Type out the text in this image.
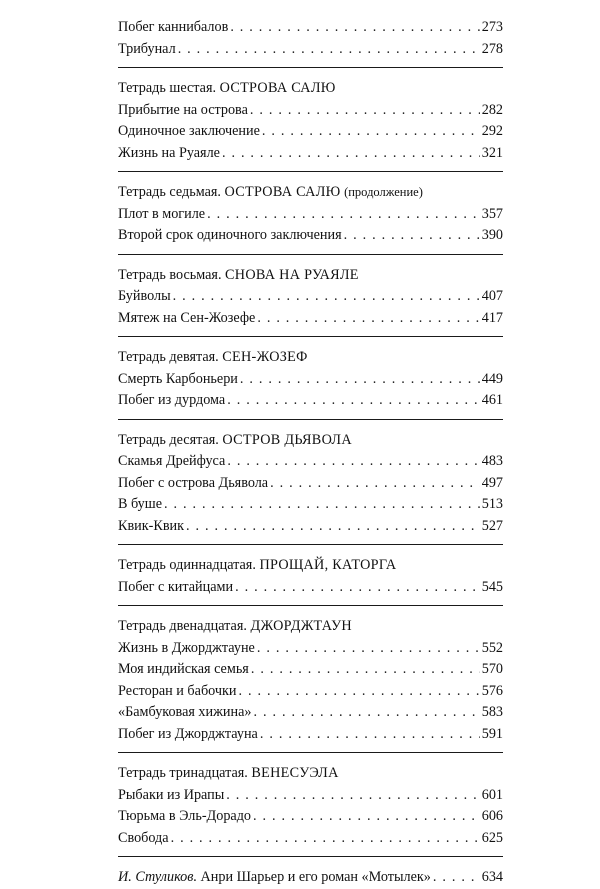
Побег каннибалов . . .	273
Трибунал . . .	278
Тетрадь шестая. ОСТРОВА САЛЮ
Прибытие на острова . . .	282
Одиночное заключение . . .	292
Жизнь на Руаяле . . .	321
Тетрадь седьмая. ОСТРОВА САЛЮ (продолжение)
Плот в могиле . . .	357
Второй срок одиночного заключения . . .	390
Тетрадь восьмая. СНОВА НА РУАЯЛЕ
Буйволы . . .	407
Мятеж на Сен-Жозефе . . .	417
Тетрадь девятая. СЕН-ЖОЗЕФ
Смерть Карбоньери . . .	449
Побег из дурдома . . .	461
Тетрадь десятая. ОСТРОВ ДЬЯВОЛА
Скамья Дрейфуса . . .	483
Побег с острова Дьявола . . .	497
В буше . . .	513
Квик-Квик . . .	527
Тетрадь одиннадцатая. ПРОЩАЙ, КАТОРГА
Побег с китайцами . . .	545
Тетрадь двенадцатая. ДЖОРДЖТАУН
Жизнь в Джорджтауне . . .	552
Моя индийская семья . . .	570
Ресторан и бабочки . . .	576
«Бамбуковая хижина» . . .	583
Побег из Джорджтауна . . .	591
Тетрадь тринадцатая. ВЕНЕСУЭЛА
Рыбаки из Ирапы . . .	601
Тюрьма в Эль-Дорадо . . .	606
Свобода . . .	625
И. Стуликов. Анри Шарьер и его роман «Мотылек» . . .	634
